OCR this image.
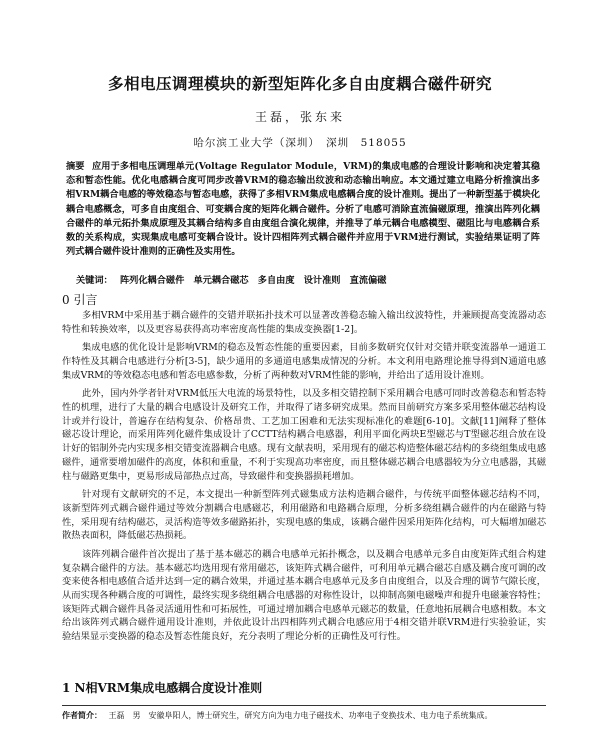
多相电压调理模块的新型矩阵化多自由度耦合磁件研究
王磊，张东来
哈尔滨工业大学（深圳）　深圳　518055
摘要 应用于多相电压调理单元(Voltage Regulator Module，VRM)的集成电感的合理设计影响和决定着其稳态和暂态性能。优化电感耦合度可同步改善VRM的稳态输出纹波和动态输出响应。本文通过建立电路分析推演出多相VRM耦合电感的等效稳态与暂态电感，获得了多相VRM集成电感耦合度的设计准则。提出了一种新型基于模块化耦合电感概念，可多自由度组合、可变耦合度的矩阵化耦合磁件。分析了电感可消除直流偏磁原理，推演出阵列化耦合磁件的单元拓扑集成原理及其耦合结构多自由度组合演化规律，并推导了单元耦合电感模型、磁阻比与电感耦合系数的关系构成，实现集成电感可变耦合设计。设计四相阵列式耦合磁件并应用于VRM进行测试，实验结果证明了阵列式耦合磁件设计准则的正确性及实用性。
关键词： 阵列化耦合磁件　单元耦合磁芯　多自由度　设计准则　直流偏磁
0 引言

多相VRM中采用基于耦合磁件的交错并联拓扑技术可以显著改善稳态输入输出纹波特性，并兼顾提高变流器动态特性和转换效率，以及更容易获得高功率密度高性能的集成变换器[1-2]。

集成电感的优化设计是影响VRM的稳态及暂态性能的重要因素，目前多数研究仅针对交错并联变流器单一通道工作特性及其耦合电感进行分析[3-5]，缺少通用的多通道电感集成情况的分析。本文利用电路理论推导得到N通道电感集成VRM的等效稳态电感和暂态电感参数，分析了两种数对VRM性能的影响，并给出了适用设计准则。

此外，国内外学者针对VRM低压大电流的场景特性，以及多相交错控制下采用耦合电感可同时改善稳态和暂态特性的机理，进行了大量的耦合电感设计及研究工作，并取得了诸多研究成果。然而目前研究方案多采用整体磁芯结构设计或并行设计，普遍存在结构复杂、价格昂贵、工艺加工困难和无法实现标准化的难题[6-10]。文献[11]阐释了整体磁芯设计理论，而采用阵列化磁件集成设计了CCTT结构耦合电感器，利用平面化两块E型磁芯与T型磁芯组合放在设计好的铝制外壳内实现多相交错变流器耦合电感。现有文献表明，采用现有的磁芯构造整体磁芯结构的多绕组集成电感磁件，通常要增加磁件的高度，体积和重量，不利于实现高功率密度，而且整体磁芯耦合电感器较为分立电感器，其磁柱与磁路更集中，更易形成局部热点过高，导致磁件和变换器损耗增加。

针对现有文献研究的不足，本文提出一种新型阵列式磁集成方法构造耦合磁件，与传统平面整体磁芯结构不同，该新型阵列式耦合磁件通过等效分割耦合电感磁芯，利用磁路和电路耦合原理，分析多绕组耦合磁件的内在磁路与特性，采用现有结构磁芯，灵活构造等效多磁路拓扑，实现电感的集成，该耦合磁件因采用矩阵化结构，可大幅增加磁芯散热表面积，降低磁芯热损耗。

该阵列耦合磁件首次提出了基于基本磁芯的耦合电感单元拓扑概念，以及耦合电感单元多自由度矩阵式组合构建复杂耦合磁件的方法。基本磁芯均选用现有常用磁芯，该矩阵式耦合磁件，可利用单元耦合磁芯自感及耦合度可调的改变来使各相电感值合适并达到一定的耦合效果，并通过基本耦合电感单元及多自由度组合，以及合理的调节气隙长度，从而实现各种耦合度的可调性，最终实现多绕组耦合电感器的对称性设计，以抑制高频电磁噪声和提升电磁兼容特性；该矩阵式耦合磁件具备灵活通用性和可拓展性，可通过增加耦合电感单元磁芯的数量，任意地拓展耦合电感相数。本文给出该阵列式耦合磁件通用设计准则，并依此设计出四相阵列式耦合电感应用于4相交错并联VRM进行实验验证，实验结果显示变换器的稳态及暂态性能良好，充分表明了理论分析的正确性及可行性。

1 N相VRM集成电感耦合度设计准则
作者简介： 王磊　男　安徽阜阳人，博士研究生，研究方向为电力电子磁技术、功率电子变换技术、电力电子系统集成。
